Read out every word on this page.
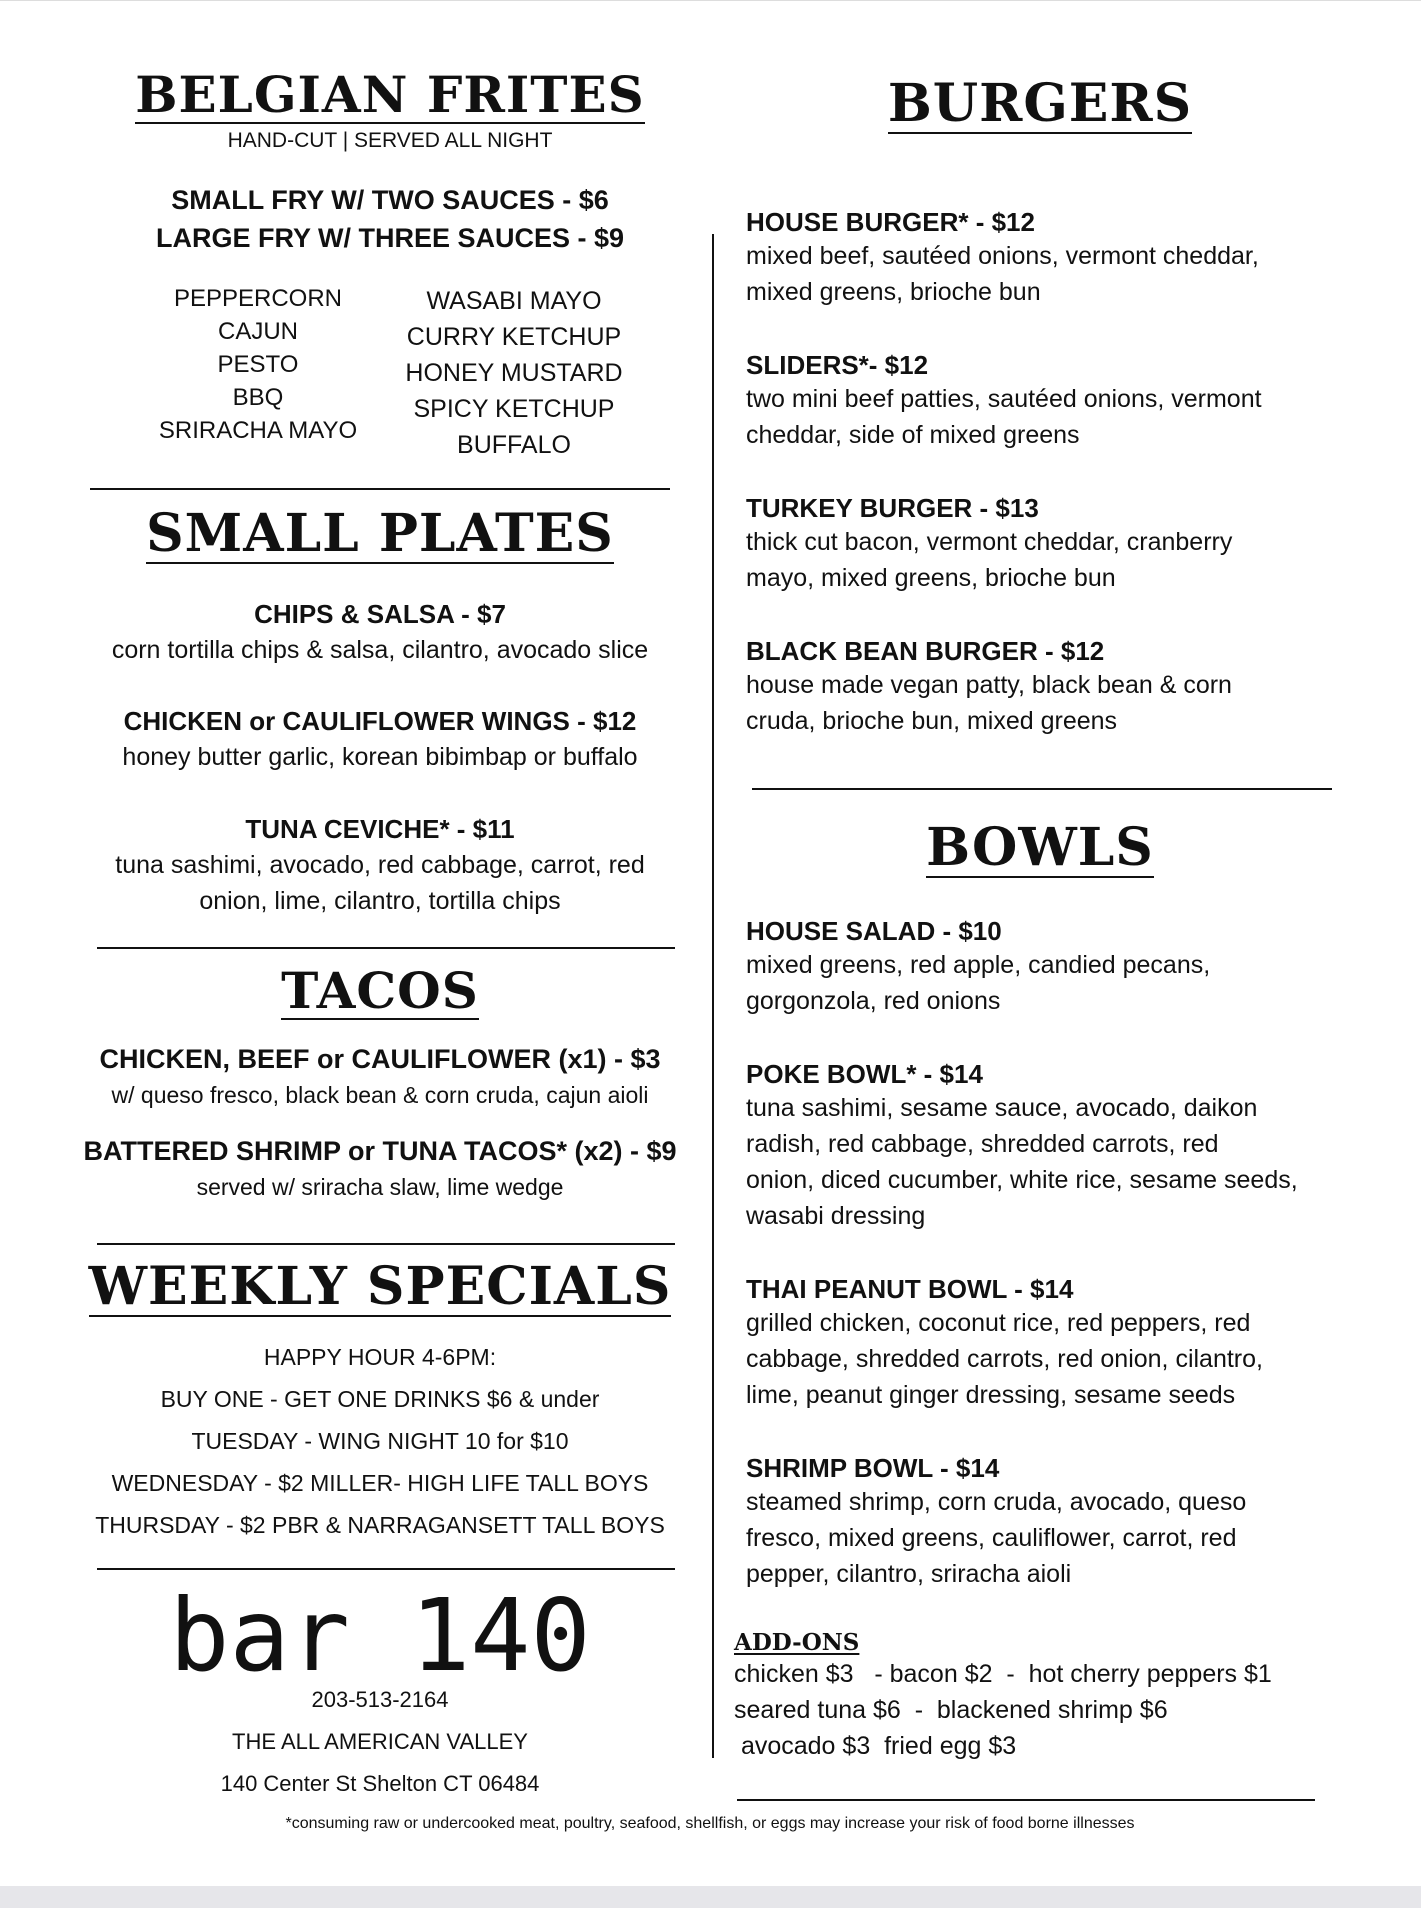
BELGIAN FRITES
HAND-CUT | SERVED ALL NIGHT
SMALL FRY W/ TWO SAUCES - $6
LARGE FRY W/ THREE SAUCES - $9
PEPPERCORN
CAJUN
PESTO
BBQ
SRIRACHA MAYO
WASABI MAYO
CURRY KETCHUP
HONEY MUSTARD
SPICY KETCHUP
BUFFALO
SMALL PLATES
CHIPS & SALSA - $7
corn tortilla chips & salsa, cilantro, avocado slice
CHICKEN or CAULIFLOWER WINGS - $12
honey butter garlic, korean bibimbap or buffalo
TUNA CEVICHE* - $11
tuna sashimi, avocado, red cabbage, carrot, red
onion, lime, cilantro, tortilla chips
TACOS
CHICKEN, BEEF or CAULIFLOWER (x1) - $3
w/ queso fresco, black bean & corn cruda, cajun aioli
BATTERED SHRIMP or TUNA TACOS* (x2) - $9
served w/ sriracha slaw, lime wedge
WEEKLY SPECIALS
HAPPY HOUR 4-6PM:
BUY ONE - GET ONE DRINKS $6 & under
TUESDAY - WING NIGHT 10 for $10
WEDNESDAY - $2 MILLER- HIGH LIFE TALL BOYS
THURSDAY - $2 PBR & NARRAGANSETT TALL BOYS
bar 140
203-513-2164
THE ALL AMERICAN VALLEY
140 Center St Shelton CT 06484
BURGERS
HOUSE BURGER* - $12
mixed beef, sautéed onions, vermont cheddar,
mixed greens, brioche bun
SLIDERS*- $12
two mini beef patties, sautéed onions, vermont
cheddar, side of mixed greens
TURKEY BURGER - $13
thick cut bacon, vermont cheddar, cranberry
mayo, mixed greens, brioche bun
BLACK BEAN BURGER - $12
house made vegan patty, black bean & corn
cruda, brioche bun, mixed greens
BOWLS
HOUSE SALAD - $10
mixed greens, red apple, candied pecans,
gorgonzola, red onions
POKE BOWL* - $14
tuna sashimi, sesame sauce, avocado, daikon
radish, red cabbage, shredded carrots, red
onion, diced cucumber, white rice, sesame seeds,
wasabi dressing
THAI PEANUT BOWL - $14
grilled chicken, coconut rice, red peppers, red
cabbage, shredded carrots, red onion, cilantro,
lime, peanut ginger dressing, sesame seeds
SHRIMP BOWL - $14
steamed shrimp, corn cruda, avocado, queso
fresco, mixed greens, cauliflower, carrot, red
pepper, cilantro, sriracha aioli
ADD-ONS
chicken $3   - bacon $2  -  hot cherry peppers $1
seared tuna $6  -  blackened shrimp $6
avocado $3  fried egg $3
*consuming raw or undercooked meat, poultry, seafood, shellfish, or eggs may increase your risk of food borne illnesses
